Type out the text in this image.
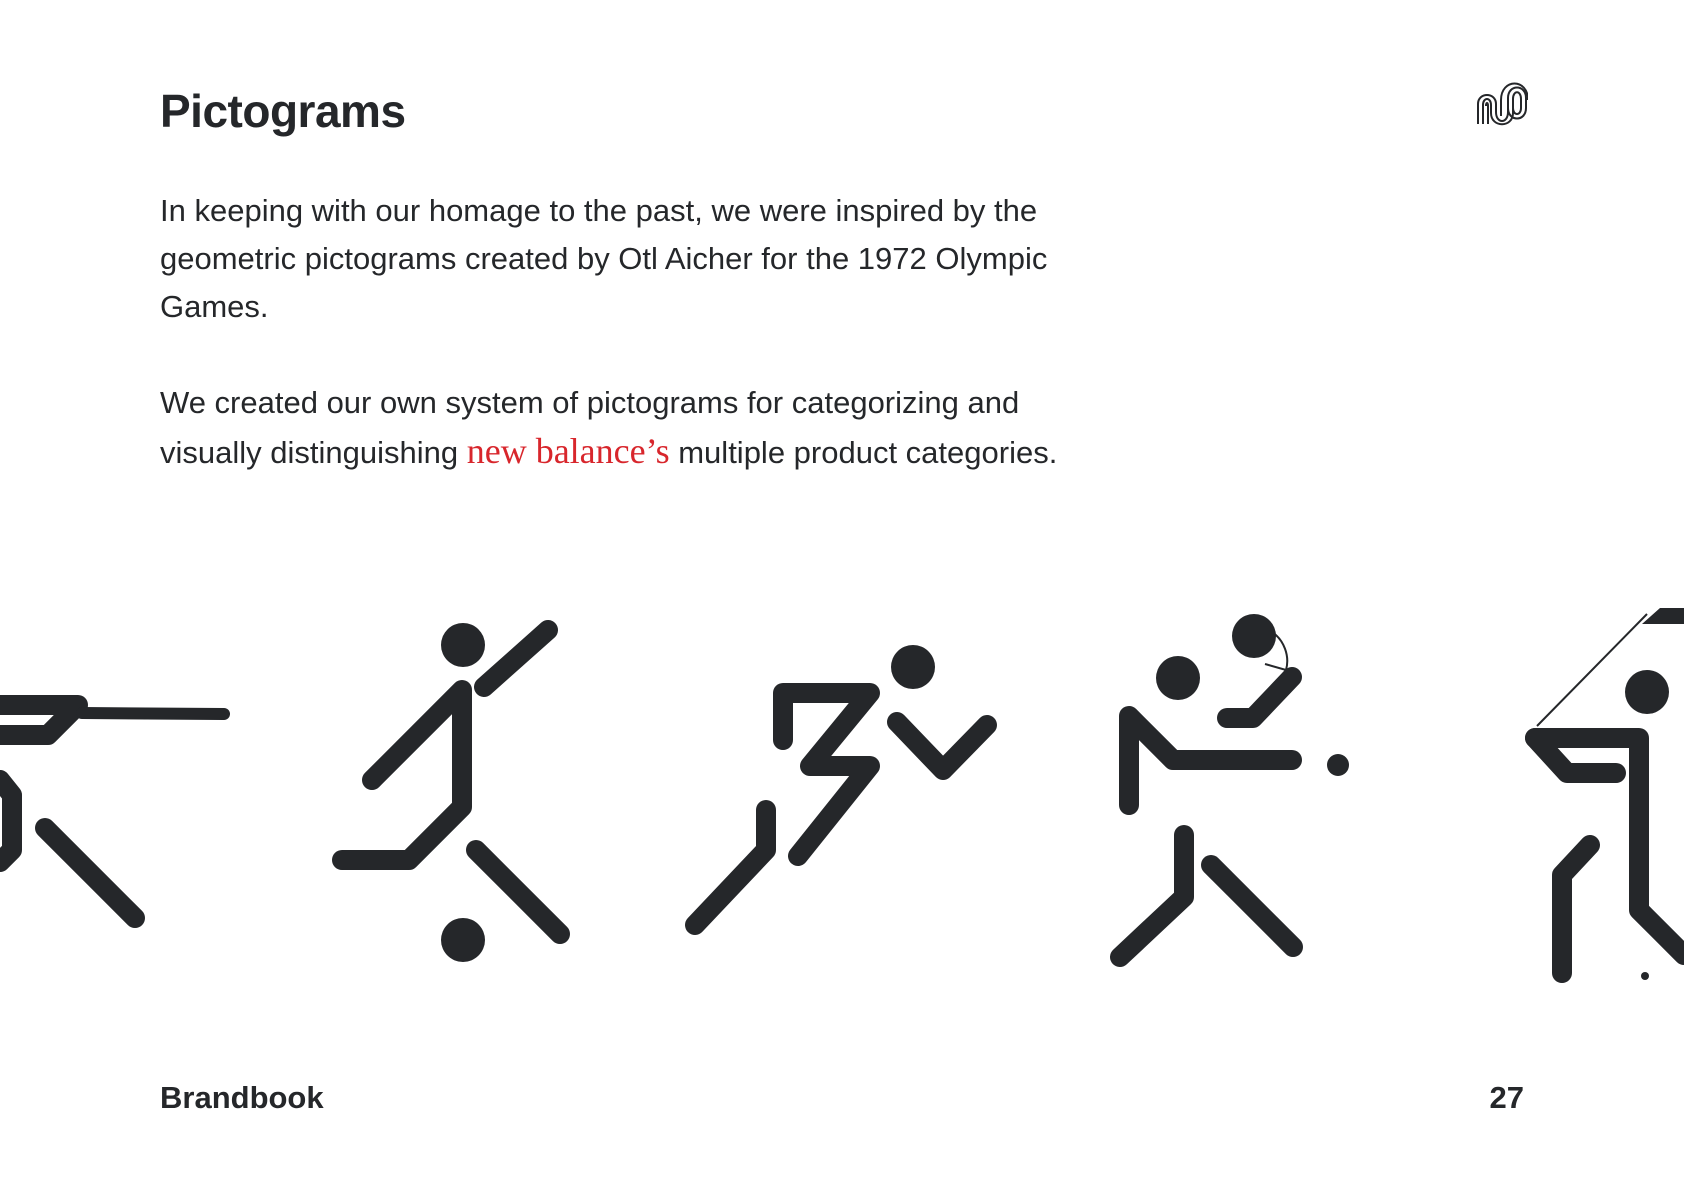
Pictograms

In keeping with our homage to the past, we were inspired by the geometric pictograms created by Otl Aicher for the 1972 Olympic Games.

We created our own system of pictograms for categorizing and visually distinguishing new balance’s multiple product categories.

Brandbook	27
